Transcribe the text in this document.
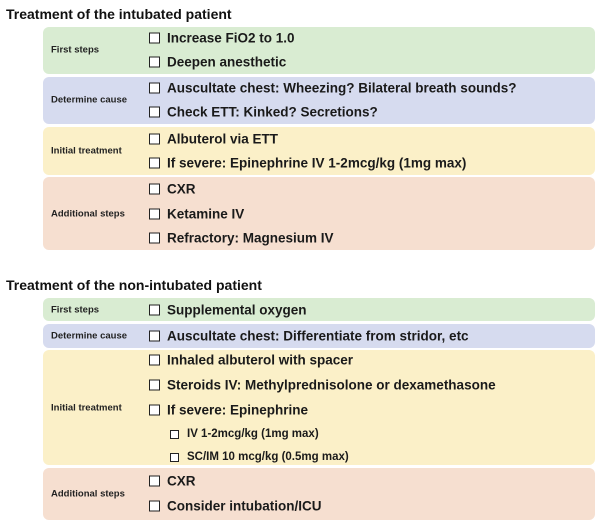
Treatment of the intubated patient
First steps
Increase FiO2 to 1.0
Deepen anesthetic
Determine cause
Auscultate chest: Wheezing? Bilateral breath sounds?
Check ETT: Kinked? Secretions?
Initial treatment
Albuterol via ETT
If severe: Epinephrine IV 1-2mcg/kg (1mg max)
Additional steps
CXR
Ketamine IV
Refractory: Magnesium IV
Treatment of the non-intubated patient
First steps	Supplemental oxygen
Determine cause	Auscultate chest: Differentiate from stridor, etc
Initial treatment
Inhaled albuterol with spacer
Steroids IV: Methylprednisolone or dexamethasone
If severe: Epinephrine
IV 1-2mcg/kg (1mg max)
SC/IM 10 mcg/kg (0.5mg max)
Additional steps
CXR
Consider intubation/ICU
